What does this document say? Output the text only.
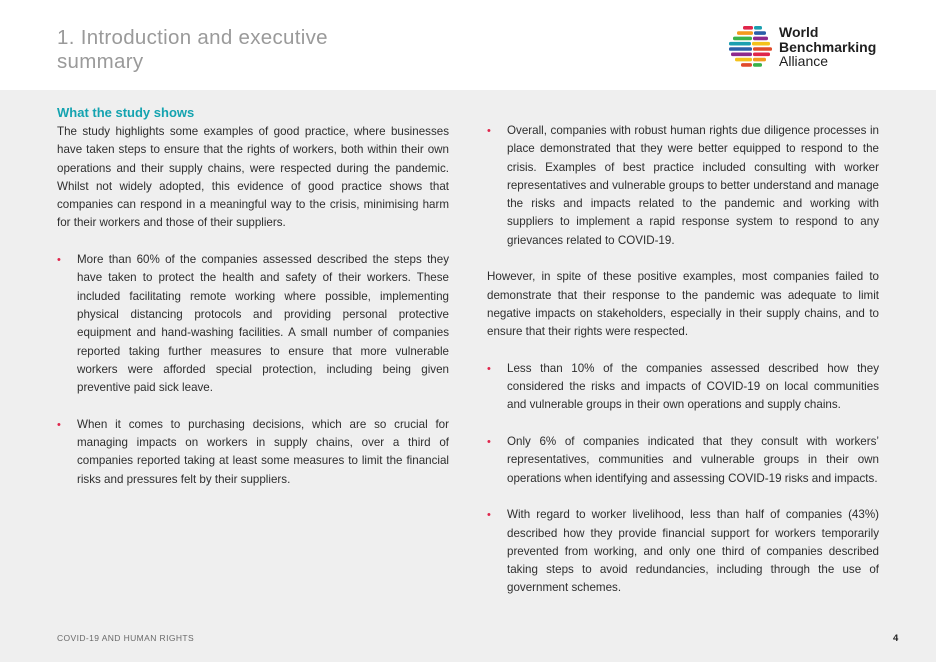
1. Introduction and executive summary
World
Benchmarking
Alliance
What the study shows

The study highlights some examples of good practice, where businesses have taken steps to ensure that the rights of workers, both within their own operations and their supply chains, were respected during the pandemic. Whilst not widely adopted, this evidence of good practice shows that companies can respond in a meaningful way to the crisis, minimising harm for their workers and those of their suppliers.

• More than 60% of the companies assessed described the steps they have taken to protect the health and safety of their workers. These included facilitating remote working where possible, implementing physical distancing protocols and providing personal protective equipment and hand-washing facilities. A small number of companies reported taking further measures to ensure that more vulnerable workers were afforded special protection, including being given preventive paid sick leave.
• When it comes to purchasing decisions, which are so crucial for managing impacts on workers in supply chains, over a third of companies reported taking at least some measures to limit the financial risks and pressures felt by their suppliers.
• Overall, companies with robust human rights due diligence processes in place demonstrated that they were better equipped to respond to the crisis. Examples of best practice included consulting with worker representatives and vulnerable groups to better understand and manage the risks and impacts related to the pandemic and working with suppliers to implement a rapid response system to respond to any grievances related to COVID-19.

However, in spite of these positive examples, most companies failed to demonstrate that their response to the pandemic was adequate to limit negative impacts on stakeholders, especially in their supply chains, and to ensure that their rights were respected.

• Less than 10% of the companies assessed described how they considered the risks and impacts of COVID-19 on local communities and vulnerable groups in their own operations and supply chains.
• Only 6% of companies indicated that they consult with workers’ representatives, communities and vulnerable groups in their own operations when identifying and assessing COVID-19 risks and impacts.
• With regard to worker livelihood, less than half of companies (43%) described how they provide financial support for workers temporarily prevented from working, and only one third of companies described taking steps to avoid redundancies, including through the use of government schemes.
COVID-19 AND HUMAN RIGHTS	4
